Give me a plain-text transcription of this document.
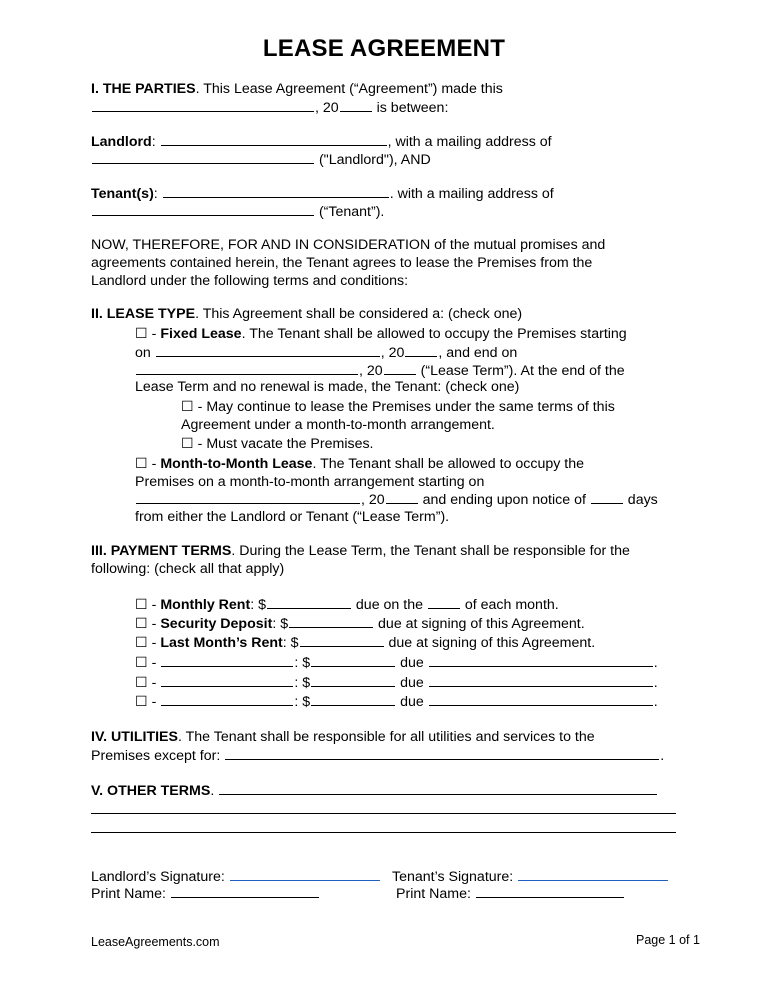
LEASE AGREEMENT
I. THE PARTIES. This Lease Agreement (“Agreement”) made this
, 20 is between:
Landlord:	, with a mailing address of
("Landlord"), AND
Tenant(s):	. with a mailing address of
(“Tenant”).
NOW, THEREFORE, FOR AND IN CONSIDERATION of the mutual promises and
agreements contained herein, the Tenant agrees to lease the Premises from the
Landlord under the following terms and conditions:
II. LEASE TYPE. This Agreement shall be considered a: (check one)
☐ - Fixed Lease. The Tenant shall be allowed to occupy the Premises starting
on	, 20 , and end on
, 20 (“Lease Term”). At the end of the
Lease Term and no renewal is made, the Tenant: (check one)
☐ - May continue to lease the Premises under the same terms of this
Agreement under a month-to-month arrangement.
☐ - Must vacate the Premises.
☐ - Month-to-Month Lease. The Tenant shall be allowed to occupy the
Premises on a month-to-month arrangement starting on
, 20 and ending upon notice of  days
from either the Landlord or Tenant (“Lease Term”).
III. PAYMENT TERMS. During the Lease Term, the Tenant shall be responsible for the
following: (check all that apply)
☐ - Monthly Rent: $	due on the  of each month.
☐ - Security Deposit: $	due at signing of this Agreement.
☐ - Last Month’s Rent: $	due at signing of this Agreement.
☐ -	: $	due	.
☐ -	: $	due	.
☐ -	: $	due	.
IV. UTILITIES. The Tenant shall be responsible for all utilities and services to the
Premises except for:	.
V. OTHER TERMS.
Landlord’s Signature:	Tenant’s Signature:
Print Name:	Print Name:
LeaseAgreements.com	Page 1 of 1
